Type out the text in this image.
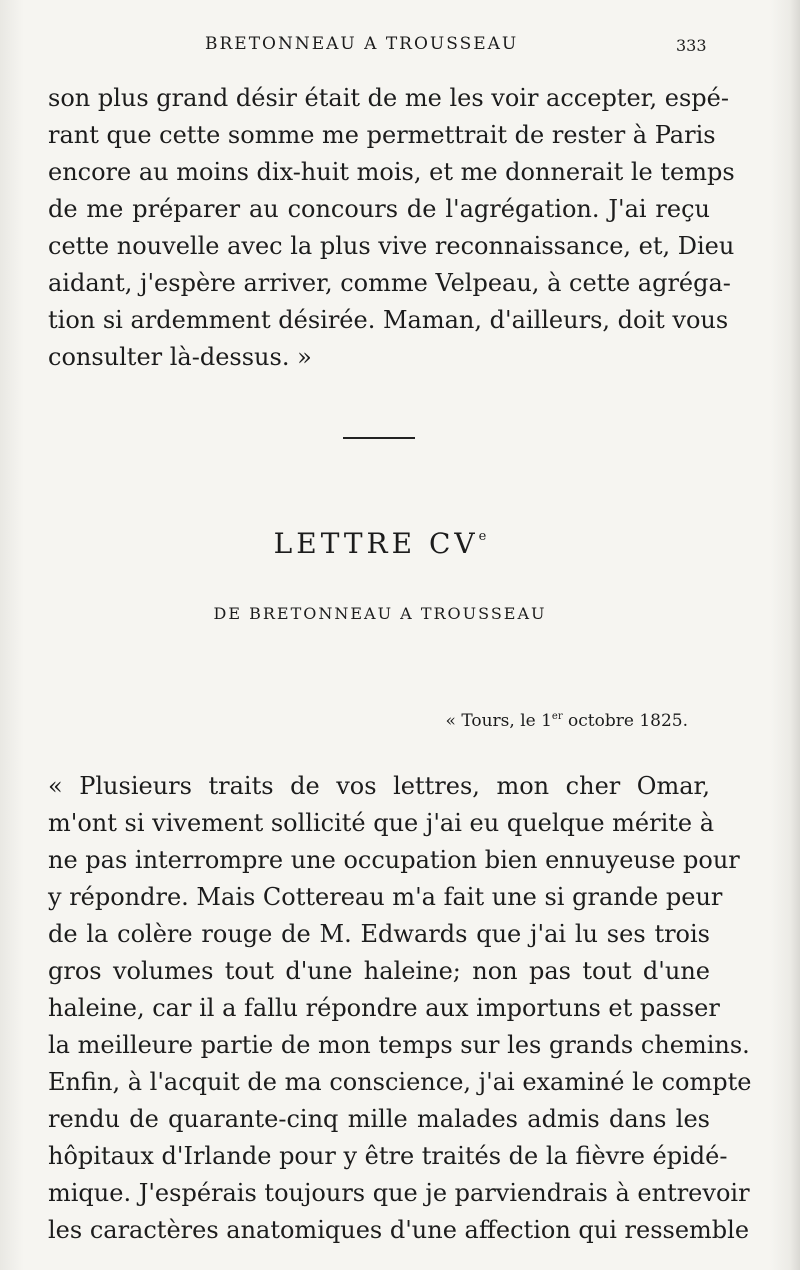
BRETONNEAU A TROUSSEAU	333
son plus grand désir était de me les voir accepter, espé-
rant que cette somme me permettrait de rester à Paris
encore au moins dix-huit mois, et me donnerait le temps
de me préparer au concours de l'agrégation. J'ai reçu
cette nouvelle avec la plus vive reconnaissance, et, Dieu
aidant, j'espère arriver, comme Velpeau, à cette agréga-
tion si ardemment désirée. Maman, d'ailleurs, doit vous
consulter là-dessus. »
LETTRE CVe
DE BRETONNEAU A TROUSSEAU
« Tours, le 1er octobre 1825.
« Plusieurs traits de vos lettres, mon cher Omar,
m'ont si vivement sollicité que j'ai eu quelque mérite à
ne pas interrompre une occupation bien ennuyeuse pour
y répondre. Mais Cottereau m'a fait une si grande peur
de la colère rouge de M. Edwards que j'ai lu ses trois
gros volumes tout d'une haleine; non pas tout d'une
haleine, car il a fallu répondre aux importuns et passer
la meilleure partie de mon temps sur les grands chemins.
Enfin, à l'acquit de ma conscience, j'ai examiné le compte
rendu de quarante-cinq mille malades admis dans les
hôpitaux d'Irlande pour y être traités de la fièvre épidé-
mique. J'espérais toujours que je parviendrais à entrevoir
les caractères anatomiques d'une affection qui ressemble
